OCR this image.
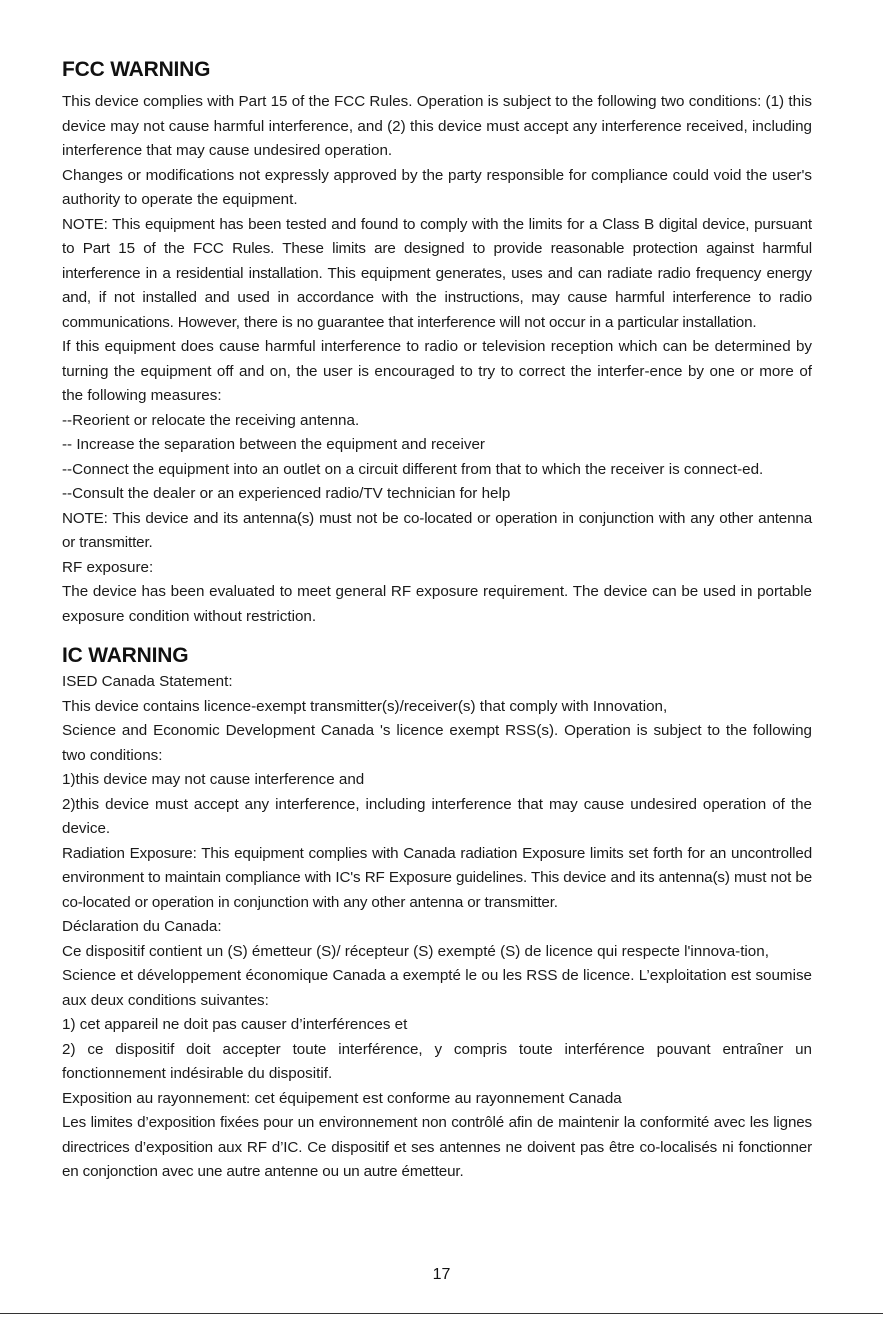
FCC WARNING

This device complies with Part 15 of the FCC Rules. Operation is subject to the following two conditions: (1) this device may not cause harmful interference, and (2) this device must accept any interference received, including interference that may cause undesired operation.

Changes or modifications not expressly approved by the party responsible for compliance could void the user's authority to operate the equipment.

NOTE: This equipment has been tested and found to comply with the limits for a Class B digital device, pursuant to Part 15 of the FCC Rules. These limits are designed to provide reasonable protection against harmful interference in a residential installation. This equipment generates, uses and can radiate radio frequency energy and, if not installed and used in accordance with the instructions, may cause harmful interference to radio communications. However, there is no guarantee that interference will not occur in a particular installation.

If this equipment does cause harmful interference to radio or television reception which can be determined by turning the equipment off and on, the user is encouraged to try to correct the interfer-ence by one or more of the following measures:

--Reorient or relocate the receiving antenna.

-- Increase the separation between the equipment and receiver

--Connect the equipment into an outlet on a circuit different from that to which the receiver is connect-ed.

--Consult the dealer or an experienced radio/TV technician for help

NOTE: This device and its antenna(s) must not be co-located or operation in conjunction with any other antenna or transmitter.

RF exposure:

The device has been evaluated to meet general RF exposure requirement. The device can be used in portable exposure condition without restriction.

IC WARNING

ISED Canada Statement:

This device contains licence-exempt transmitter(s)/receiver(s) that comply with Innovation,

Science and Economic Development Canada 's licence exempt RSS(s). Operation is subject to the following two conditions:

1)this device may not cause interference and

2)this device must accept any interference, including interference that may cause undesired operation of the device.

Radiation Exposure: This equipment complies with Canada radiation Exposure limits set forth for an uncontrolled environment to maintain compliance with IC's RF Exposure guidelines. This device and its antenna(s) must not be co-located or operation in conjunction with any other antenna or transmitter.

Déclaration du Canada:

Ce dispositif contient un (S) émetteur (S)/ récepteur (S) exempté (S) de licence qui respecte l'innova-tion,

Science et développement économique Canada a exempté le ou les RSS de licence. L’exploitation est soumise aux deux conditions suivantes:

1) cet appareil ne doit pas causer d’interférences et

2) ce dispositif doit accepter toute interférence, y compris toute interférence pouvant entraîner un fonctionnement indésirable du dispositif.

Exposition au rayonnement: cet équipement est conforme au rayonnement Canada

Les limites d’exposition fixées pour un environnement non contrôlé afin de maintenir la conformité avec les lignes directrices d’exposition aux RF d’IC. Ce dispositif et ses antennes ne doivent pas être co-localisés ni fonctionner en conjonction avec une autre antenne ou un autre émetteur.

17
